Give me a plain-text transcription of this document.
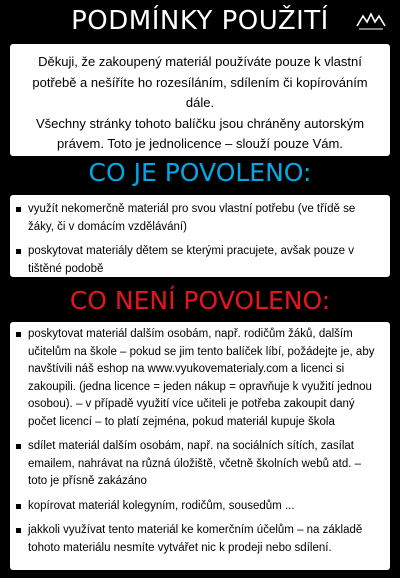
PODMÍNKY POUŽITÍ

Děkuji, že zakoupený materiál používáte pouze k vlastní potřebě a nešíříte ho rozesíláním, sdílením či kopírováním dále.

Všechny stránky tohoto balíčku jsou chráněny autorským právem. Toto je jednolicence – slouží pouze Vám.

CO JE POVOLENO:
využít nekomerčně materiál pro svou vlastní potřebu (ve třídě se žáky, či v domácím vzdělávání)
poskytovat materiály dětem se kterými pracujete, avšak pouze v tištěné podobě
CO NENÍ POVOLENO:
poskytovat materiál dalším osobám, např. rodičům žáků, dalším učitelům na škole – pokud se jim tento balíček líbí, požádejte je, aby navštívili náš eshop na www.vyukovematerialy.com a licenci si zakoupili. (jedna licence = jeden nákup = opravňuje k využití jednou osobou). – v případě využití více učiteli je potřeba zakoupit daný počet licencí – to platí zejména, pokud materiál kupuje škola
sdílet materiál dalším osobám, např. na sociálních sítích, zasílat emailem, nahrávat na různá úložiště, včetně školních webů atd. – toto je přísně zakázáno
kopírovat materiál kolegyním, rodičům, sousedům ...
jakkoli využívat tento materiál ke komerčním účelům – na základě tohoto materiálu nesmíte vytvářet nic k prodeji nebo sdílení.
